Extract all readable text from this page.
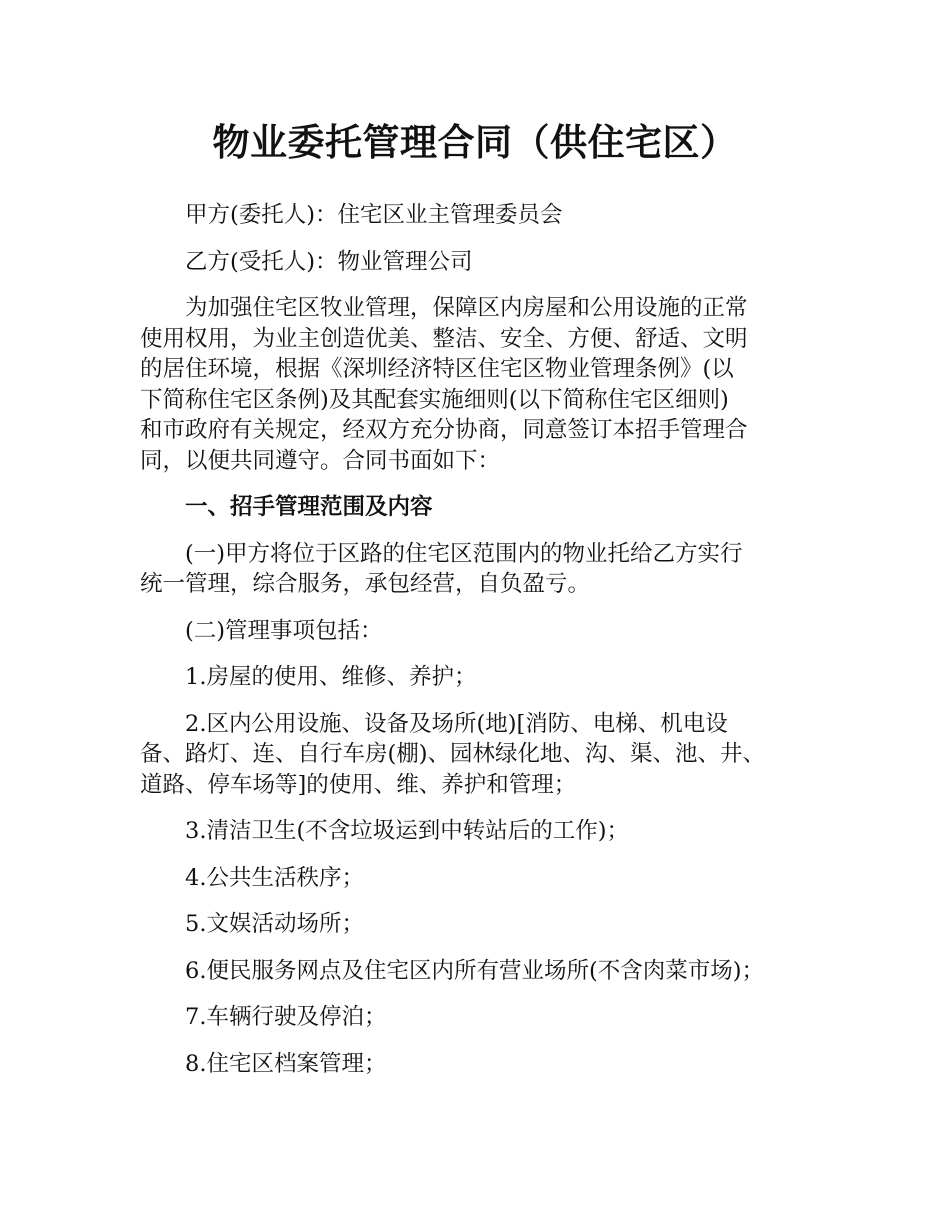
物业委托管理合同（供住宅区）

甲方(委托人)：住宅区业主管理委员会

乙方(受托人)：物业管理公司

为加强住宅区牧业管理，保障区内房屋和公用设施的正常

使用权用，为业主创造优美、整洁、安全、方便、舒适、文明

的居住环境，根据《深圳经济特区住宅区物业管理条例》(以

下简称住宅区条例)及其配套实施细则(以下简称住宅区细则)

和市政府有关规定，经双方充分协商，同意签订本招手管理合

同，以便共同遵守。合同书面如下：

一、招手管理范围及内容

(一)甲方将位于区路的住宅区范围内的物业托给乙方实行

统一管理，综合服务，承包经营，自负盈亏。

(二)管理事项包括：

1.房屋的使用、维修、养护；

2.区内公用设施、设备及场所(地)[消防、电梯、机电设

备、路灯、连、自行车房(棚)、园林绿化地、沟、渠、池、井、

道路、停车场等]的使用、维、养护和管理；

3.清洁卫生(不含垃圾运到中转站后的工作)；

4.公共生活秩序；

5.文娱活动场所；

6.便民服务网点及住宅区内所有营业场所(不含肉菜市场)；

7.车辆行驶及停泊；

8.住宅区档案管理；
